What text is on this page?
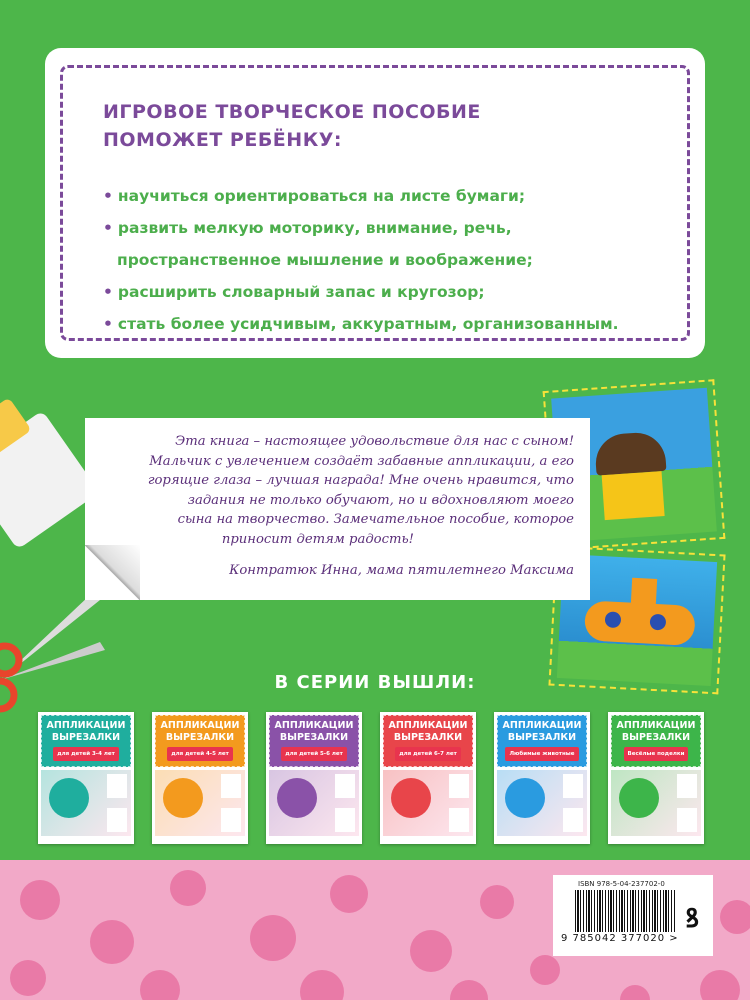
ИГРОВОЕ ТВОРЧЕСКОЕ ПОСОБИЕ
ПОМОЖЕТ РЕБЁНКУ:
• научиться ориентироваться на листе бумаги;
• развить мелкую моторику, внимание, речь,
пространственное мышление и воображение;
• расширить словарный запас и кругозор;
• стать более усидчивым, аккуратным, организованным.
Эта книга – настоящее удовольствие для нас с сыном!
Мальчик с увлечением создаёт забавные аппликации, а его
горящие глаза – лучшая награда! Мне очень нравится, что
задания не только обучают, но и вдохновляют моего
сына на творчество. Замечательное пособие, которое
приносит детям радость!
Контратюк Инна, мама пятилетнего Максима
В СЕРИИ ВЫШЛИ:
АППЛИКАЦИИ
ВЫРЕЗАЛКИ
для детей 3-4 лет
АППЛИКАЦИИ
ВЫРЕЗАЛКИ
для детей 4-5 лет
АППЛИКАЦИИ
ВЫРЕЗАЛКИ
для детей 5-6 лет
АППЛИКАЦИИ
ВЫРЕЗАЛКИ
для детей 6-7 лет
АППЛИКАЦИИ
ВЫРЕЗАЛКИ
Любимые животные
АППЛИКАЦИИ
ВЫРЕЗАЛКИ
Весёлые поделки
ISBN 978-5-04-237702-0
9 785042 377020 >
ꝸ
